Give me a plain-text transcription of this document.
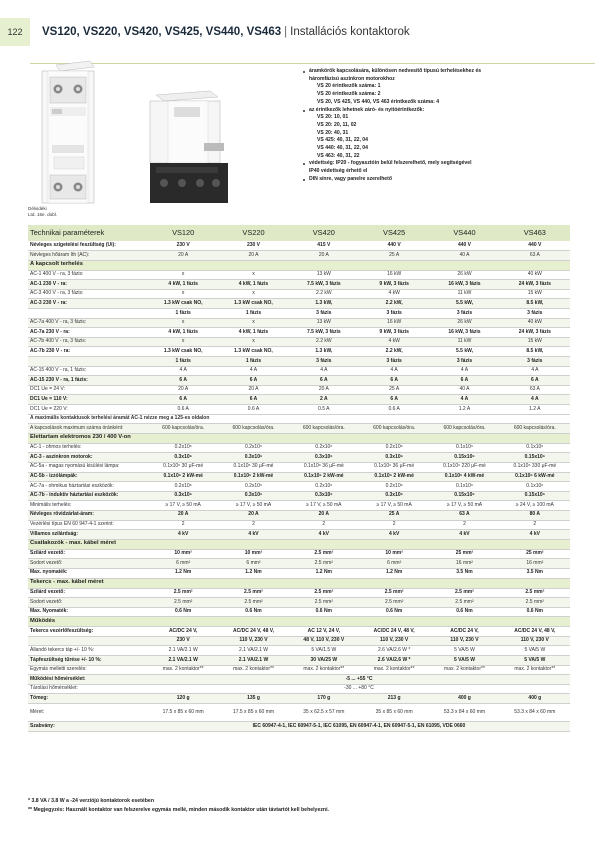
122	VS120, VS220, VS420, VS425, VS440, VS463 | Installációs kontaktorok
Délvidéki
Ltd. 15e. dobl.
áramkörök kapcsolására, különösen nedvesítő típusú terhelésekhez és
háromfázisú aszinkron motorokhoz
VS 20 érintkezők száma: 1
VS 20 érintkezők száma: 2
VS 20, VS 425, VS 440, VS 463 érintkezők száma: 4
az érintkezők lehetnek záró- és nyitóérintkezők:
VS 20: 10, 01
VS 20: 20, 11, 02
VS 20: 40, 31
VS 425: 40, 31, 22, 04
VS 440: 40, 31, 22, 04
VS 463: 40, 31, 22
védettség: IP20 - fogyasztóin belül felszerelhető, mely segítségével
IP40 védettség érhető el
DIN sínre, vagy panelre szerelhető
Technikai paraméterek	VS120	VS220	VS420	VS425	VS440	VS463
Névleges szigetelési feszültség (Ui):	230 V	230 V	415 V	440 V	440 V	440 V
Névleges hőáram Ith (AC):	20 A	20 A	20 A	25 A	40 A	63 A
A kapcsolt terhelés						
AC-1 400 V - ra, 3 fázis:	x	x	13 kW	16 kW	26 kW	40 kW
AC-1 230 V - ra:	4 kW, 1 fázis	4 kW, 1 fázis	7.5 kW, 3 fázis	9 kW, 3 fázis	16 kW, 3 fázis	24 kW, 3 fázis
AC-3 400 V - ra, 3 fázis:	x	x	2.2 kW	4 kW	11 kW	15 kW
AC-3 230 V - ra:	1.3 kW csak NO,	1.3 kW csak NO,	1.3 kW,	2.2 kW,	5.5 kW,	8.5 kW,
	1 fázis	1 fázis	3 fázis	3 fázis	3 fázis	3 fázis
AC-7a 400 V - ra, 3 fázis:	x	x	13 kW	16 kW	26 kW	40 kW
AC-7a 230 V - ra:	4 kW, 1 fázis	4 kW, 1 fázis	7.5 kW, 3 fázis	9 kW, 3 fázis	16 kW, 3 fázis	24 kW, 3 fázis
AC-7b 400 V - ra, 3 fázis:	x	x	2.2 kW	4 kW	11 kW	15 kW
AC-7b 230 V - ra:	1.3 kW csak NO,	1.3 kW csak NO,	1.3 kW,	2.2 kW,	5.5 kW,	8.5 kW,
	1 fázis	1 fázis	3 fázis	3 fázis	3 fázis	3 fázis
AC-15 400 V - ra, 1 fázis:	4 A	4 A	4 A	4 A	4 A	4 A
AC-15 230 V - ra, 1 fázis:	6 A	6 A	6 A	6 A	6 A	6 A
DC1 Ue = 24 V:	20 A	20 A	20 A	25 A	40 A	63 A
DC1 Ue = 110 V:	6 A	6 A	2 A	6 A	4 A	4 A
DC1 Ue = 220 V:	0.6 A	0.6 A	0.5 A	0.6 A	1.2 A	1.2 A
A maximális kontaktusok terhelési áramát AC-1 nézze meg a 125-es oldalon						
A kapcsolások maximum száma óránként:	600 kapcsolás/óra.	600 kapcsolás/óra.	600 kapcsolás/óra.	600 kapcsolás/óra.	600 kapcsolás/óra.	600 kapcsolás/óra.
Élettartam elektromos 230 / 400 V-on						
AC-1 - ohmos terhelés:	0.2x10⁶	0.2x10⁶	0.2x10⁶	0.2x10⁶	0.1x10⁶	0.1x10⁶
AC-3 - aszinkron motorok:	0.3x10⁶	0.3x10⁶	0.3x10⁶	0.3x10⁶	0.15x10⁶	0.15x10⁶
AC-5a - magas nyomású kisülési lámpa:	0.1x10⁶ 30 μF-mé	0.1x10⁶ 30 μF-mé	0.1x10⁶ 36 μF-mé	0.1x10⁶ 36 μF-mé	0.1x10⁶ 220 μF-mé	0.1x10⁶ 330 μF-mé
AC-5b - izzólámpák:	0.1x10⁶ 2 kW-mé	0.1x10⁶ 2 kW-mé	0.1x10⁶ 2 kW-mé	0.1x10⁶ 2 kW-mé	0.1x10⁶ 4 kW-mé	0.1x10⁶ 6 kW-mé
AC-7a - ohmikus háztartási eszközök:	0.2x10⁶	0.2x10⁶	0.2x10⁶	0.2x10⁶	0.1x10⁶	0.1x10⁶
AC-7b - induktív háztartási eszközök:	0.3x10⁶	0.3x10⁶	0.3x10⁶	0.3x10⁶	0.15x10⁶	0.15x10⁶
Minimális terhelés:	≥ 17 V, ≥ 50 mA	≥ 17 V, ≥ 50 mA	≥ 17 V, ≥ 50 mA	≥ 17 V, ≥ 50 mA	≥ 17 V, ≥ 50 mA	≥ 24 V, ≥ 100 mA
Névleges rövidzárlat-áram:	20 A	20 A	20 A	25 A	63 A	80 A
Vezérlési típus EN 60 947-4-1 szerint:	2	2	2	2	2	2
Villamos szilárdság:	4 kV	4 kV	4 kV	4 kV	4 kV	4 kV
Csatlakozók - max. kábel méret						
Szilárd vezető:	10 mm²	10 mm²	2.5 mm²	10 mm²	25 mm²	25 mm²
Sodort vezető:	6 mm²	6 mm²	2.5 mm²	6 mm²	16 mm²	16 mm²
Max. nyomaték:	1.2 Nm	1.2 Nm	1.2 Nm	1.2 Nm	3.5 Nm	3.5 Nm
Tekercs - max. kábel méret						
Szilárd vezető:	2.5 mm²	2.5 mm²	2.5 mm²	2.5 mm²	2.5 mm²	2.5 mm²
Sodort vezető:	2.5 mm²	2.5 mm²	2.5 mm²	2.5 mm²	2.5 mm²	2.5 mm²
Max. Nyomaték:	0.6 Nm	0.6 Nm	0.6 Nm	0.6 Nm	0.6 Nm	0.6 Nm
Működés						
Tekercs vezérlőfeszültség:	AC/DC 24 V,	AC/DC 24 V, 48 V,	AC 12 V, 24 V,	AC/DC 24 V, 48 V,	AC/DC 24 V,	AC/DC 24 V, 48 V,
	230 V	110 V, 230 V	48 V, 110 V, 230 V	110 V, 230 V	110 V, 230 V	110 V, 230 V
Állandó tekercs táp +/- 10 %:	2.1 VA/2.1 W	2.1 VA/2.1 W	5 VA/1.5 W	2.6 VA/2.6 W *	5 VA/5 W	5 VA/5 W
Tápfeszültség tűrése +/- 10 %:	2.1 VA/2.1 W	2.1 VA/2.1 W	30 VA/25 W	2.6 VA/2.6 W *	5 VA/5 W	5 VA/5 W
Egymás melletti szerelés:	max. 2 kontaktor**	max. 2 kontaktor**	max. 2 kontaktor**	max. 2 kontaktor**	max. 2 kontaktor**	max. 2 kontaktor**
Működési hőmérséklet:	-5 ... +55 °C					
Tárolási hőmérséklet:	-30 ... +80 °C					
Tömeg:	120 g	135 g	170 g	213 g	400 g	400 g
Méret:	17.5 x 85 x 60 mm	17.5 x 85 x 60 mm	35 x 62.5 x 57 mm	35 x 85 x 60 mm	53.3 x 84 x 60 mm	53.3 x 84 x 60 mm
Szabvány:	IEC 60947-4-1, IEC 60947-5-1, IEC 61095, EN 60947-4-1, EN 60947-5-1, EN 61095, VDE 0660					
* 3.8 VA / 3.8 W a -24 verziójú kontaktorok esetében
** Megjegyzés: Használt kontaktor van felszerelve egymás mellé, minden második kontaktor után távtartót kell behelyezni.
